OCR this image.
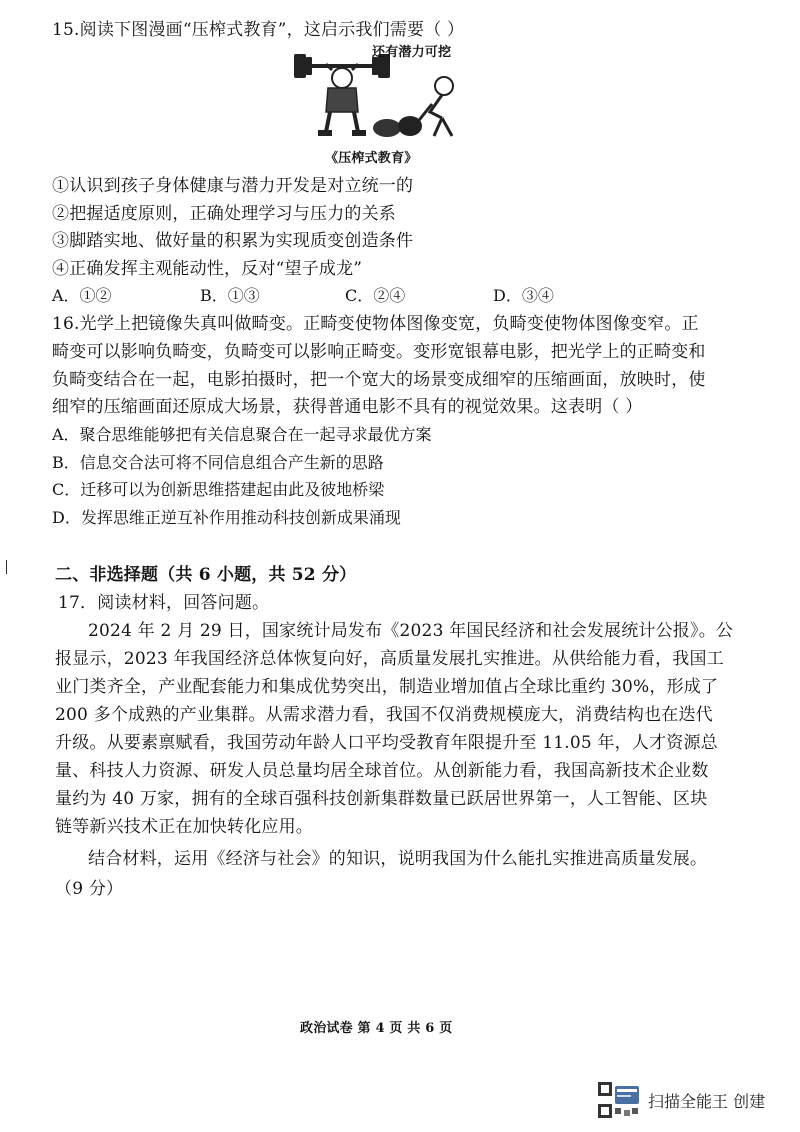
15.阅读下图漫画“压榨式教育”，这启示我们需要（ ）
还有潜力可挖
《压榨式教育》
①认识到孩子身体健康与潜力开发是对立统一的
②把握适度原则，正确处理学习与压力的关系
③脚踏实地、做好量的积累为实现质变创造条件
④正确发挥主观能动性，反对“望子成龙”
A．①②	B．①③	C．②④	D．③④
16.光学上把镜像失真叫做畸变。正畸变使物体图像变宽，负畸变使物体图像变窄。正
畸变可以影响负畸变，负畸变可以影响正畸变。变形宽银幕电影，把光学上的正畸变和
负畸变结合在一起，电影拍摄时，把一个宽大的场景变成细窄的压缩画面，放映时，使
细窄的压缩画面还原成大场景，获得普通电影不具有的视觉效果。这表明（ ）
A．聚合思维能够把有关信息聚合在一起寻求最优方案
B．信息交合法可将不同信息组合产生新的思路
C．迁移可以为创新思维搭建起由此及彼地桥梁
D．发挥思维正逆互补作用推动科技创新成果涌现
二、非选择题（共 6 小题，共 52 分）
17．阅读材料，回答问题。
2024 年 2 月 29 日，国家统计局发布《2023 年国民经济和社会发展统计公报》。公
报显示，2023 年我国经济总体恢复向好，高质量发展扎实推进。从供给能力看，我国工
业门类齐全，产业配套能力和集成优势突出，制造业增加值占全球比重约 30%，形成了
200 多个成熟的产业集群。从需求潜力看，我国不仅消费规模庞大，消费结构也在迭代
升级。从要素禀赋看，我国劳动年龄人口平均受教育年限提升至 11.05 年，人才资源总
量、科技人力资源、研发人员总量均居全球首位。从创新能力看，我国高新技术企业数
量约为 40 万家，拥有的全球百强科技创新集群数量已跃居世界第一，人工智能、区块
链等新兴技术正在加快转化应用。
结合材料，运用《经济与社会》的知识，说明我国为什么能扎实推进高质量发展。
（9 分）
政治试卷 第 4 页 共 6 页
扫描全能王 创建
